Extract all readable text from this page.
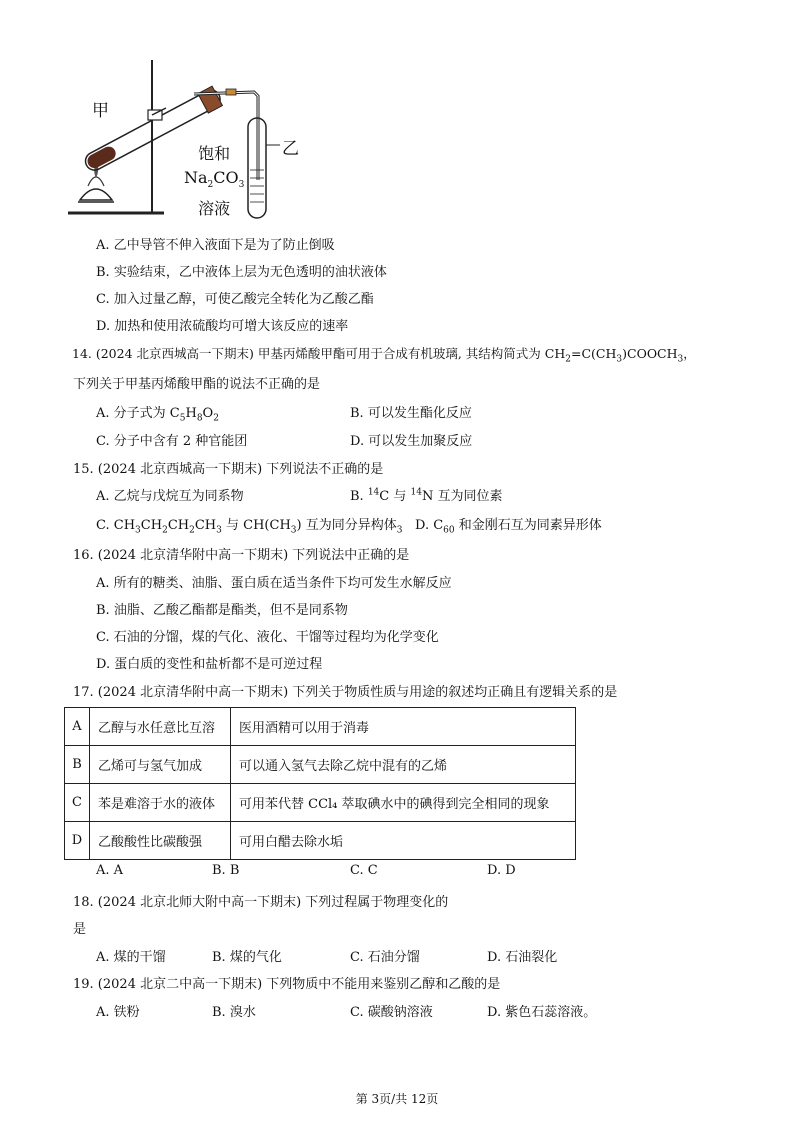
甲
乙
饱和
$Na_2CO_3$
溶液
A. 乙中导管不伸入液面下是为了防止倒吸
B. 实验结束，乙中液体上层为无色透明的油状液体
C. 加入过量乙醇，可使乙酸完全转化为乙酸乙酯
D. 加热和使用浓硫酸均可增大该反应的速率
14. (2024 北京西城高一下期末) 甲基丙烯酸甲酯可用于合成有机玻璃, 其结构简式为 $CH_2=C(CH_3)COOCH_3$，
下列关于甲基丙烯酸甲酯的说法不正确的是
A. 分子式为 $C_5H_8O_2$	B. 可以发生酯化反应
C. 分子中含有 2 种官能团	D. 可以发生加聚反应
15. (2024 北京西城高一下期末) 下列说法不正确的是
A. 乙烷与戊烷互为同系物	B. $^{14}$C 与 $^{14}$N 互为同位素
C. $CH_3CH_2CH_2CH_3$ 与 $CH(CH_3)$ 互为同分异构体$_3$ D. $C_{60}$ 和金刚石互为同素异形体
16. (2024 北京清华附中高一下期末) 下列说法中正确的是
A. 所有的糖类、油脂、蛋白质在适当条件下均可发生水解反应
B. 油脂、乙酸乙酯都是酯类，但不是同系物
C. 石油的分馏，煤的气化、液化、干馏等过程均为化学变化
D. 蛋白质的变性和盐析都不是可逆过程
17. (2024 北京清华附中高一下期末) 下列关于物质性质与用途的叙述均正确且有逻辑关系的是
A	乙醇与水任意比互溶	医用酒精可以用于消毒
B	乙烯可与氢气加成	可以通入氢气去除乙烷中混有的乙烯
C	苯是难溶于水的液体	可用苯代替 CCl₄ 萃取碘水中的碘得到完全相同的现象
D	乙酸酸性比碳酸强	可用白醋去除水垢
A. A	B. B	C. C	D. D
18. (2024 北京北师大附中高一下期末) 下列过程属于物理变化的
是
A. 煤的干馏	B. 煤的气化	C. 石油分馏	D. 石油裂化
19. (2024 北京二中高一下期末) 下列物质中不能用来鉴别乙醇和乙酸的是
A. 铁粉	B. 溴水	C. 碳酸钠溶液	D. 紫色石蕊溶液。
第 3页/共 12页
